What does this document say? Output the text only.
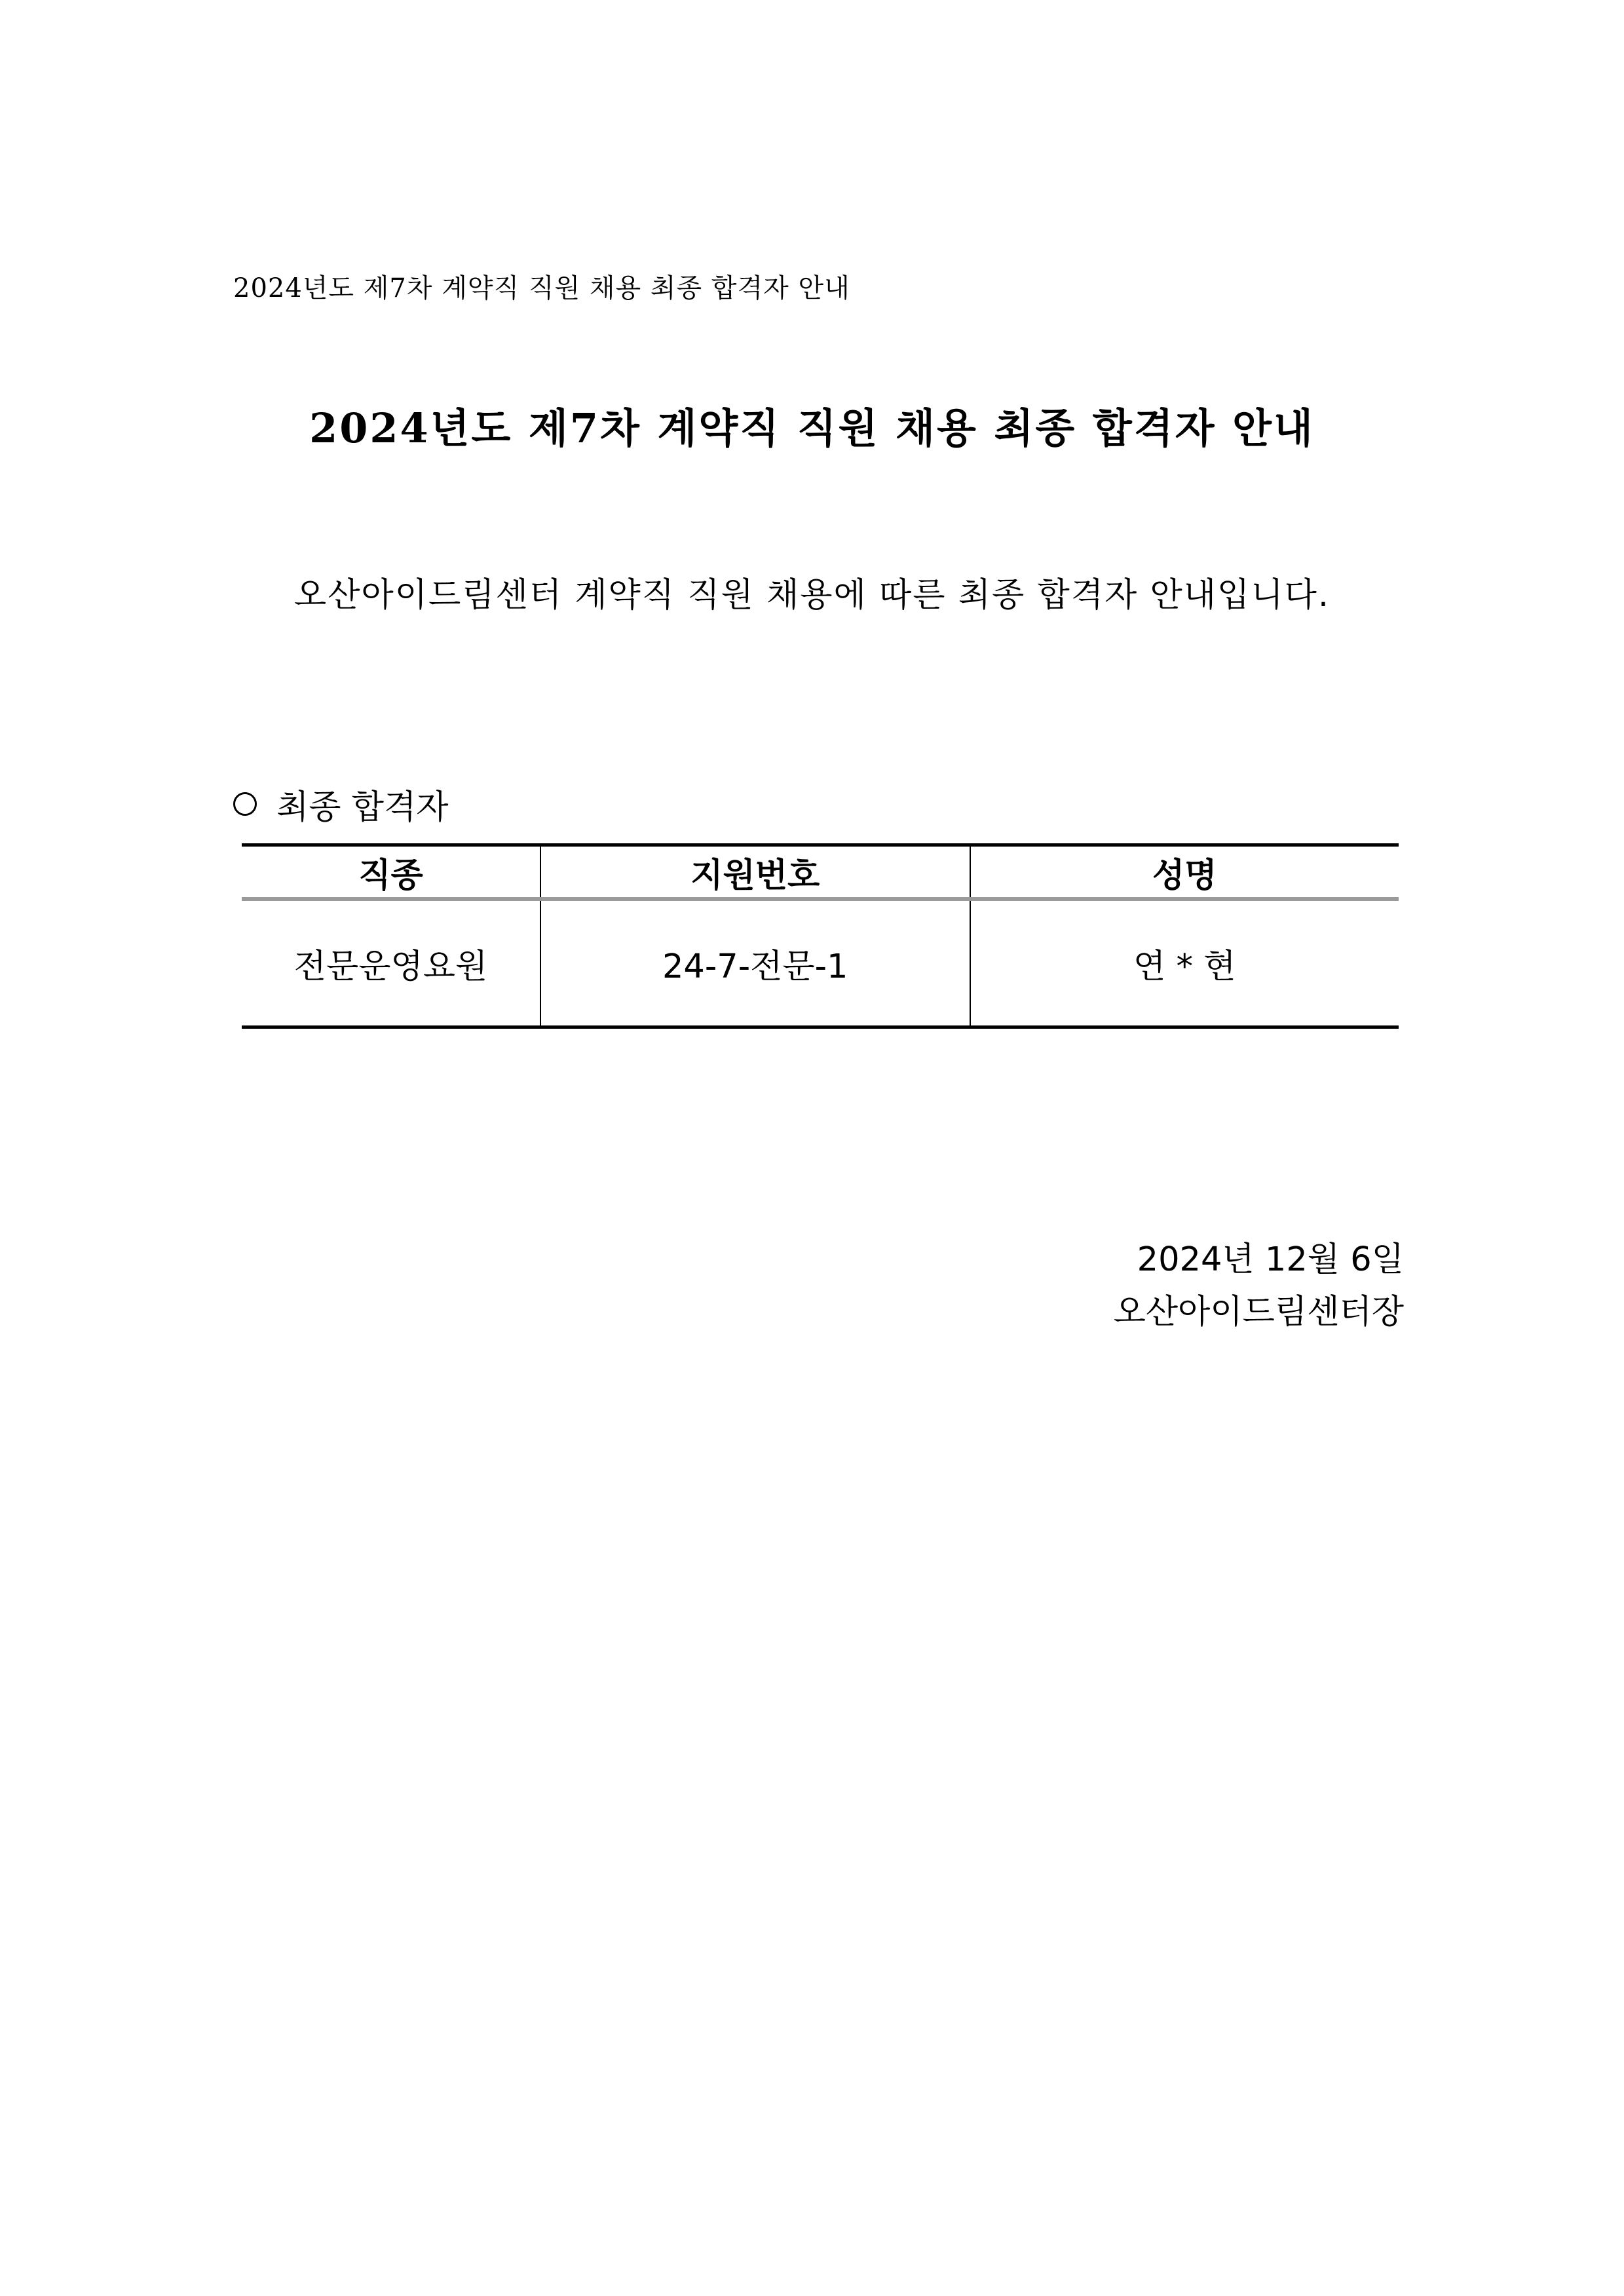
2024년도 제7차 계약직 직원 채용 최종 합격자 안내
2024년도 제7차 계약직 직원 채용 최종 합격자 안내
오산아이드림센터 계약직 직원 채용에 따른 최종 합격자 안내입니다.
최종 합격자
직종	지원번호	성명
전문운영요원	24-7-전문-1	연 * 현
2024년 12월 6일
오산아이드림센터장
